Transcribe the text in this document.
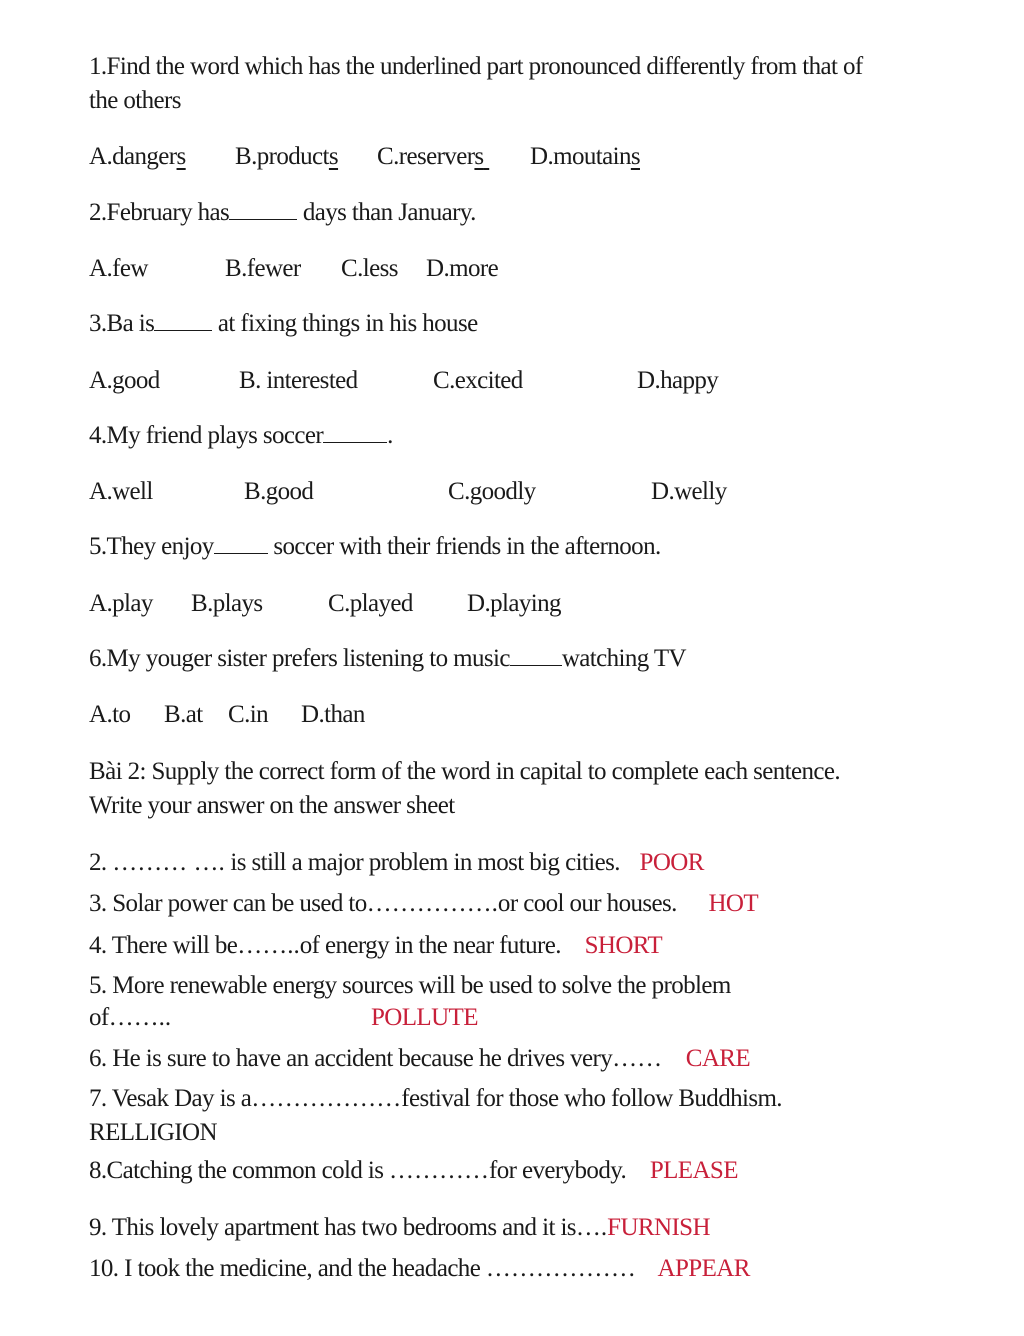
1.Find the word which has the underlined part pronounced differently from that of
the others
A.dangers B.products C.reservers D.moutains
2.February has	days than January.
A.few	B.fewer C.less D.more
3.Ba is	at fixing things in his house
A.good	B. interested	C.excited	D.happy
4.My friend plays soccer	.
A.well	B.good	C.goodly	D.welly
5.They enjoy soccer with their friends in the afternoon.
A.play B.plays	C.played D.playing
6.My youger sister prefers listening to music watching TV
A.to B.at C.in D.than
Bài 2: Supply the correct form of the word in capital to complete each sentence.
Write your answer on the answer sheet
2. ……… …. is still a major problem in most big cities. POOR
3. Solar power can be used to…………….or cool our houses. HOT
4. There will be……..of energy in the near future. SHORT
5. More renewable energy sources will be used to solve the problem
of……..	POLLUTE
6. He is sure to have an accident because he drives very…… CARE
7. Vesak Day is a………………festival for those who follow Buddhism.
RELLIGION
8.Catching the common cold is …………for everybody. PLEASE
9. This lovely apartment has two bedrooms and it is….FURNISH
10. I took the medicine, and the headache ……………… APPEAR
